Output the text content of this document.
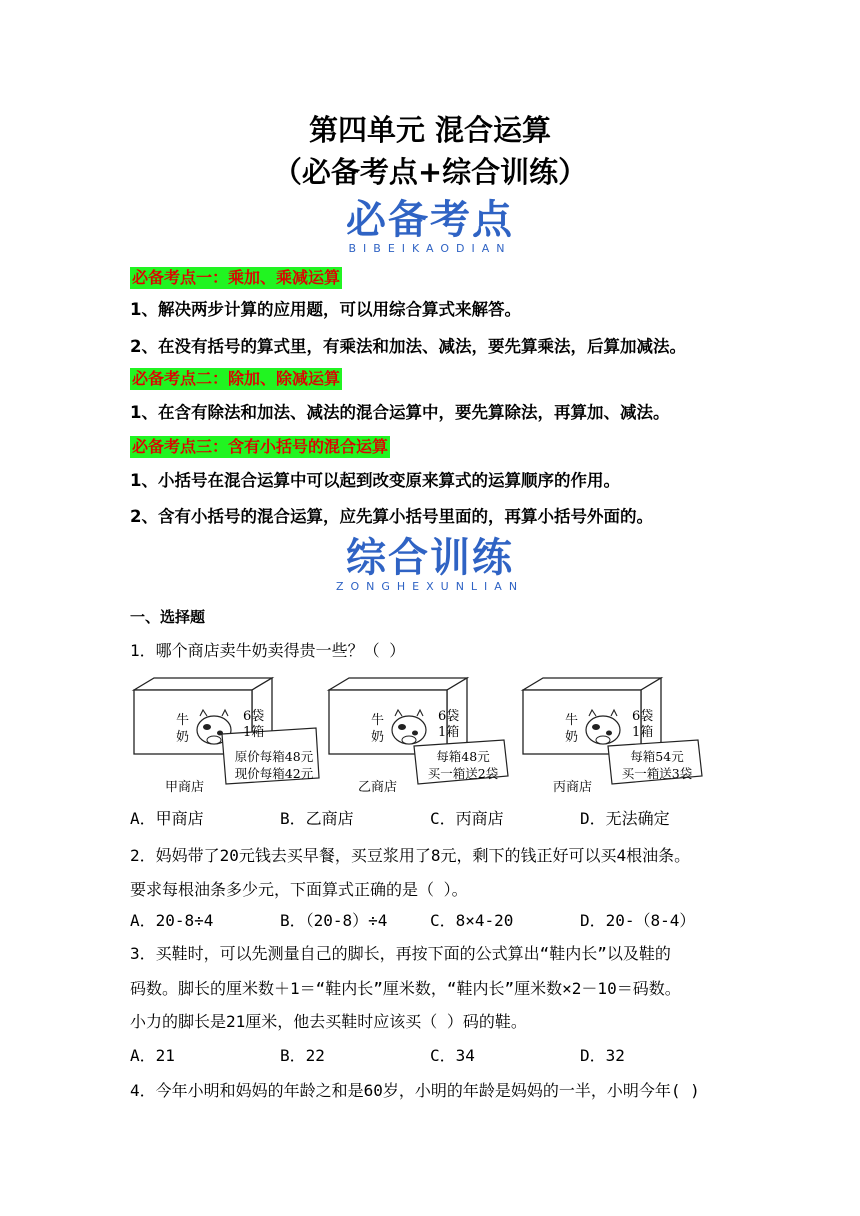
第四单元 混合运算
（必备考点+综合训练）
必备考点
BIBEIKAODIAN
必备考点一：乘加、乘减运算
1、解决两步计算的应用题，可以用综合算式来解答。
2、在没有括号的算式里，有乘法和加法、减法，要先算乘法，后算加减法。
必备考点二：除加、除减运算
1、在含有除法和加法、减法的混合运算中，要先算除法，再算加、减法。
必备考点三：含有小括号的混合运算
1、小括号在混合运算中可以起到改变原来算式的运算顺序的作用。
2、含有小括号的混合运算，应先算小括号里面的，再算小括号外面的。
综合训练
ZONGHEXUNLIAN
一、选择题
1．哪个商店卖牛奶卖得贵一些？（ ）
牛
奶
6袋
1箱
原价每箱48元
现价每箱42元
甲商店
牛
奶
6袋
1箱
每箱48元
买一箱送2袋
乙商店
牛
奶
6袋
1箱
每箱54元
买一箱送3袋
丙商店
A．甲商店	B．乙商店	C．丙商店	D．无法确定
2．妈妈带了20元钱去买早餐，买豆浆用了8元，剩下的钱正好可以买4根油条。
要求每根油条多少元，下面算式正确的是（ ）。
A．20-8÷4	B．（20-8）÷4	C．8×4-20	D．20-（8-4）
3．买鞋时，可以先测量自己的脚长，再按下面的公式算出“鞋内长”以及鞋的
码数。脚长的厘米数＋1＝“鞋内长”厘米数，“鞋内长”厘米数×2－10＝码数。
小力的脚长是21厘米，他去买鞋时应该买（ ）码的鞋。
A．21	B．22	C．34	D．32
4．今年小明和妈妈的年龄之和是60岁，小明的年龄是妈妈的一半，小明今年( )
